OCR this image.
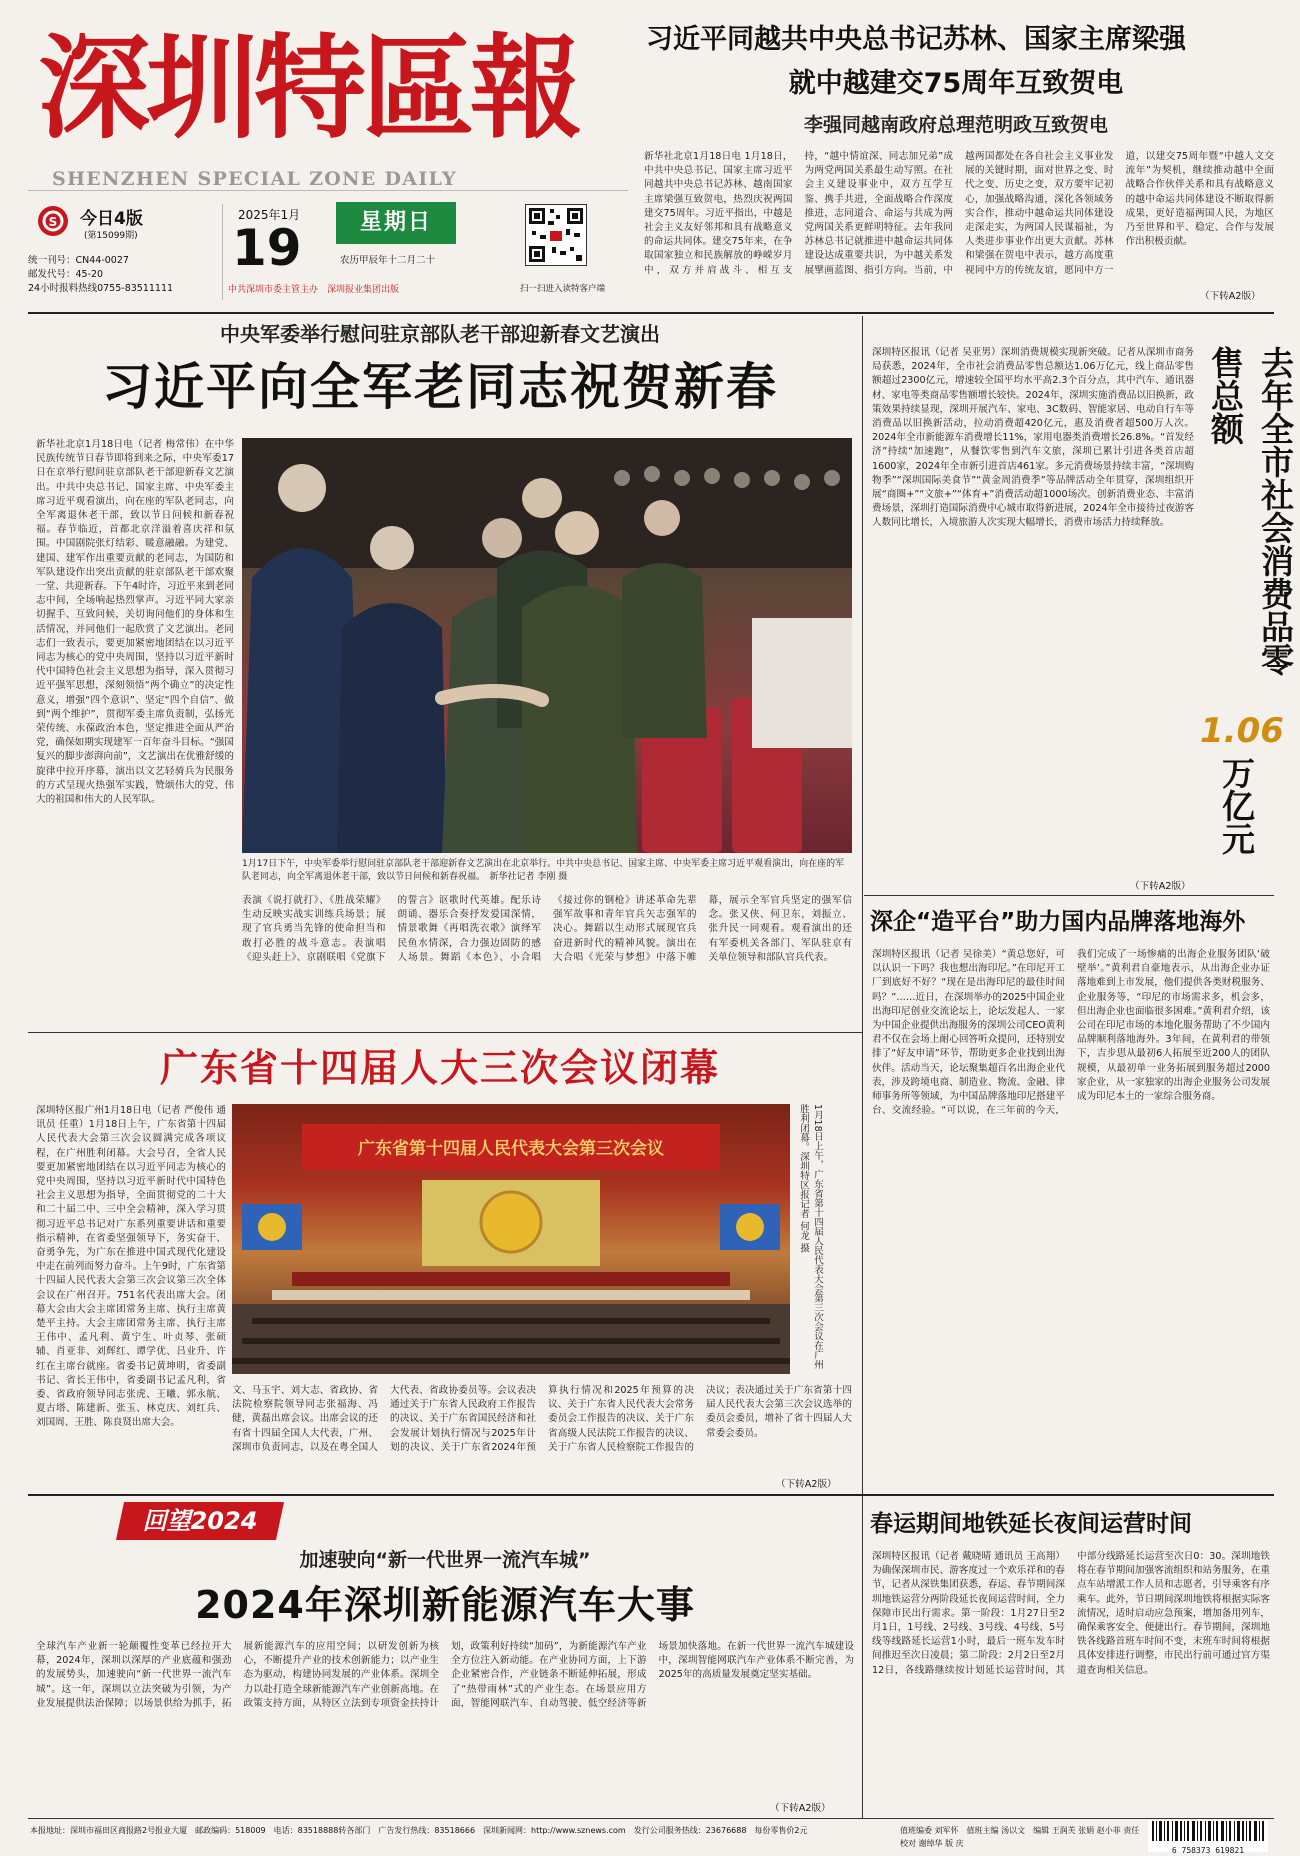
深圳特區報
SHENZHEN SPECIAL ZONE DAILY
S 今日4版
(第15099期)
统一刊号：CN44-0027
邮发代号：45-20
24小时报料热线0755-83511111
2025年1月
19	星期日
农历甲辰年十二月二十
中共深圳市委主管主办　深圳报业集团出版	扫一扫进入读特客户端
习近平同越共中央总书记苏林、国家主席梁强
就中越建交75周年互致贺电
李强同越南政府总理范明政互致贺电
新华社北京1月18日电 1月18日，中共中央总书记、国家主席习近平同越共中央总书记苏林、越南国家主席梁强互致贺电，热烈庆祝两国建交75周年。习近平指出，中越是社会主义友好邻邦和具有战略意义的命运共同体。建交75年来，在争取国家独立和民族解放的峥嵘岁月中，双方并肩战斗、相互支持，“越中情谊深、同志加兄弟”成为两党两国关系最生动写照。在社会主义建设事业中，双方互学互鉴、携手共进，全面战略合作深度推进，志同道合、命运与共成为两党两国关系更鲜明特征。去年我同苏林总书记就推进中越命运共同体建设达成重要共识，为中越关系发展擘画蓝图、指引方向。当前，中越两国都处在各自社会主义事业发展的关键时期，面对世界之变、时代之变、历史之变，双方要牢记初心，加强战略沟通，深化各领域务实合作，推动中越命运共同体建设走深走实，为两国人民谋福祉，为人类进步事业作出更大贡献。苏林和梁强在贺电中表示，越方高度重视同中方的传统友谊，愿同中方一道，以建交75周年暨“中越人文交流年”为契机，继续推动越中全面战略合作伙伴关系和具有战略意义的越中命运共同体建设不断取得新成果，更好造福两国人民，为地区乃至世界和平、稳定、合作与发展作出积极贡献。
（下转A2版）
中央军委举行慰问驻京部队老干部迎新春文艺演出
习近平向全军老同志祝贺新春
新华社北京1月18日电（记者 梅常伟）在中华民族传统节日春节即将到来之际，中央军委17日在京举行慰问驻京部队老干部迎新春文艺演出。中共中央总书记、国家主席、中央军委主席习近平观看演出，向在座的军队老同志，向全军离退休老干部，致以节日问候和新春祝福。春节临近，首都北京洋溢着喜庆祥和氛围。中国剧院张灯结彩、暖意融融。为建党、建国、建军作出重要贡献的老同志，为国防和军队建设作出突出贡献的驻京部队老干部欢聚一堂、共迎新春。下午4时许，习近平来到老同志中间，全场响起热烈掌声。习近平同大家亲切握手、互致问候，关切询问他们的身体和生活情况，并同他们一起欣赏了文艺演出。老同志们一致表示，要更加紧密地团结在以习近平同志为核心的党中央周围，坚持以习近平新时代中国特色社会主义思想为指导，深入贯彻习近平强军思想，深刻领悟“两个确立”的决定性意义，增强“四个意识”、坚定“四个自信”、做到“两个维护”，贯彻军委主席负责制，弘扬光荣传统、永葆政治本色，坚定推进全面从严治党，确保如期实现建军一百年奋斗目标。“强国复兴的脚步澎湃向前”，文艺演出在优雅舒缓的旋律中拉开序幕，演出以文艺轻骑兵为民服务的方式呈现火热强军实践，赞颂伟大的党、伟大的祖国和伟大的人民军队。
1月17日下午，中央军委举行慰问驻京部队老干部迎新春文艺演出在北京举行。中共中央总书记、国家主席、中央军委主席习近平观看演出，向在座的军队老同志，向全军离退休老干部，致以节日问候和新春祝福。　新华社记者 李刚 摄
表演《说打就打》、《胜战荣耀》生动反映实战实训练兵场景；展现了官兵勇当先锋的使命担当和敢打必胜的战斗意志。表演唱《迎头赶上》、京剧联唱《党旗下的誓言》讴歌时代英雄。配乐诗朗诵、器乐合奏抒发爱国深情，情景歌舞《再唱洗衣歌》演绎军民鱼水情深，合力强边固防的感人场景。舞蹈《本色》、小合唱《接过你的钢枪》讲述革命先辈强军故事和青年官兵矢志强军的决心。舞蹈以生动形式展现官兵奋进新时代的精神风貌。演出在大合唱《光荣与梦想》中落下帷幕，展示全军官兵坚定的强军信念。张又侠、何卫东，刘振立、张升民一同观看。观看演出的还有军委机关各部门、军队驻京有关单位领导和部队官兵代表。
深圳特区报讯（记者 吴亚男）深圳消费规模实现新突破。记者从深圳市商务局获悉，2024年，全市社会消费品零售总额达1.06万亿元，线上商品零售额超过2300亿元，增速较全国平均水平高2.3个百分点，其中汽车、通讯器材、家电等类商品零售额增长较快。2024年，深圳实施消费品以旧换新，政策效果持续显现，深圳开展汽车、家电、3C数码、智能家居、电动自行车等消费品以旧换新活动，拉动消费超420亿元，惠及消费者超500万人次。2024年全市新能源车消费增长11%，家用电器类消费增长26.8%。“首发经济”持续“加速跑”，从餐饮零售到汽车文旅，深圳已累计引进各类首店超1600家，2024年全市新引进首店461家。多元消费场景持续丰富，“深圳购物季”“深圳国际美食节”“黄金周消费季”等品牌活动全年贯穿，深圳组织开展“商圈+”“文旅+”“体育+”消费活动超1000场次。创新消费业态、丰富消费场景，深圳打造国际消费中心城市取得新进展，2024年全市接待过夜游客人数同比增长，入境旅游人次实现大幅增长，消费市场活力持续释放。	去年全市社会消费品零售总额
1.06
万亿元
（下转A2版）
深企“造平台”助力国内品牌落地海外
深圳特区报讯（记者 吴徐美）“黄总您好，可以认识一下吗？我也想出海印尼。”在印尼开工厂到底好不好？“现在是出海印尼的最佳时间吗？”……近日，在深圳举办的2025中国企业出海印尼创业交流论坛上，论坛发起人、一家为中国企业提供出海服务的深圳公司CEO黄利君不仅在会场上耐心回答听众提问，还特别安排了“好友申请”环节，帮助更多企业找到出海伙伴。活动当天，论坛聚集超百名出海企业代表，涉及跨境电商、制造业、物流、金融、律师事务所等领域，为中国品牌落地印尼搭建平台、交流经验。“可以说，在三年前的今天，我们完成了一场惨痛的出海企业服务团队‘破壁举’。”黄利君自豪地表示，从出海企业办证落地难到上市发展，他们提供各类财税服务、企业服务等，“印尼的市场需求多，机会多，但出海企业也面临很多困难。”黄利君介绍，该公司在印尼市场的本地化服务帮助了不少国内品牌顺利落地海外。3年间，在黄利君的带领下，吉步思从最初6人拓展至近200人的团队规模，从最初单一业务拓展到服务超过2000家企业，从一家独家的出海企业服务公司发展成为印尼本土的一家综合服务商。
广东省十四届人大三次会议闭幕
深圳特区报广州1月18日电（记者 严俊伟 通讯员 任重）1月18日上午，广东省第十四届人民代表大会第三次会议圆满完成各项议程，在广州胜利闭幕。大会号召，全省人民要更加紧密地团结在以习近平同志为核心的党中央周围，坚持以习近平新时代中国特色社会主义思想为指导，全面贯彻党的二十大和二十届二中、三中全会精神，深入学习贯彻习近平总书记对广东系列重要讲话和重要指示精神，在省委坚强领导下，务实奋干、奋勇争先，为广东在推进中国式现代化建设中走在前列而努力奋斗。上午9时，广东省第十四届人民代表大会第三次会议第三次全体会议在广州召开。751名代表出席大会。闭幕大会由大会主席团常务主席、执行主席黄楚平主持。大会主席团常务主席、执行主席王伟中、孟凡利、黄宁生、叶贞琴、张硕辅、肖亚非、刘辉红、谭学优、吕业升、许红在主席台就座。省委书记黄坤明，省委副书记、省长王伟中，省委副书记孟凡利，省委、省政府领导同志张虎、王曦、郭永航、夏古塔、陈建新、张玉、林克庆、刘红兵、刘国周、王胜、陈良贤出席大会。
广东省第十四届人民代表大会第三次会议	1月18日上午，广东省第十四届人民代表大会第三次会议在广州胜利闭幕。深圳特区报记者 何龙 摄
文、马玉宇、刘大志、省政协、省法院检察院领导同志张福海、冯健，黄磊出席会议。出席会议的还有省十四届全国人大代表，广州、深圳市负责同志，以及在粤全国人大代表、省政协委员等。会议表决通过关于广东省人民政府工作报告的决议、关于广东省国民经济和社会发展计划执行情况与2025年计划的决议、关于广东省2024年预算执行情况和2025年预算的决议、关于广东省人民代表大会常务委员会工作报告的决议、关于广东省高级人民法院工作报告的决议、关于广东省人民检察院工作报告的决议；表决通过关于广东省第十四届人民代表大会第三次会议选举的委员会委员，增补了省十四届人大常委会委员。
（下转A2版）
回望2024
加速驶向“新一代世界一流汽车城”
2024年深圳新能源汽车大事
全球汽车产业新一轮颠覆性变革已经拉开大幕，2024年，深圳以深厚的产业底蕴和强劲的发展势头，加速驶向“新一代世界一流汽车城”。这一年，深圳以立法突破为引领，为产业发展提供法治保障；以场景供给为抓手，拓展新能源汽车的应用空间；以研发创新为核心，不断提升产业的技术创新能力；以产业生态为驱动，构建协同发展的产业体系。深圳全力以赴打造全球新能源汽车产业创新高地。在政策支持方面，从特区立法到专项资金扶持计划，政策利好持续“加码”，为新能源汽车产业全方位注入新动能。在产业协同方面，上下游企业紧密合作，产业链条不断延伸拓展，形成了“热带雨林”式的产业生态。在场景应用方面，智能网联汽车、自动驾驶、低空经济等新场景加快落地。在新一代世界一流汽车城建设中，深圳智能网联汽车产业体系不断完善，为2025年的高质量发展奠定坚实基础。
（下转A2版）
春运期间地铁延长夜间运营时间
深圳特区报讯（记者 戴晓晴 通讯员 王高翔）为确保深圳市民、游客度过一个欢乐祥和的春节，记者从深铁集团获悉，春运、春节期间深圳地铁运营分两阶段延长夜间运营时间，全力保障市民出行需求。第一阶段：1月27日至2月1日，1号线、2号线、3号线、4号线、5号线等线路延长运营1小时，最后一班车发车时间推迟至次日凌晨；第二阶段：2月2日至2月12日，各线路继续按计划延长运营时间，其中部分线路延长运营至次日0：30。深圳地铁将在春节期间加强客流组织和站务服务，在重点车站增派工作人员和志愿者，引导乘客有序乘车。此外，节日期间深圳地铁将根据实际客流情况，适时启动应急预案，增加备用列车，确保乘客安全、便捷出行。春节期间，深圳地铁各线路首班车时间不变，末班车时间将根据具体安排进行调整，市民出行前可通过官方渠道查询相关信息。
本报地址：深圳市福田区商报路2号报业大厦　邮政编码：518009　电话：83518888转各部门　广告发行热线：83518666　深圳新闻网：http://www.sznews.com　发行公司服务热线：23676688　每份零售价2元	值班编委 刘军怀　值班主编 汤以文　编辑 王润芙 张娟 赵小菲 责任校对 谢绰华 版 庆
6 758373 619821
